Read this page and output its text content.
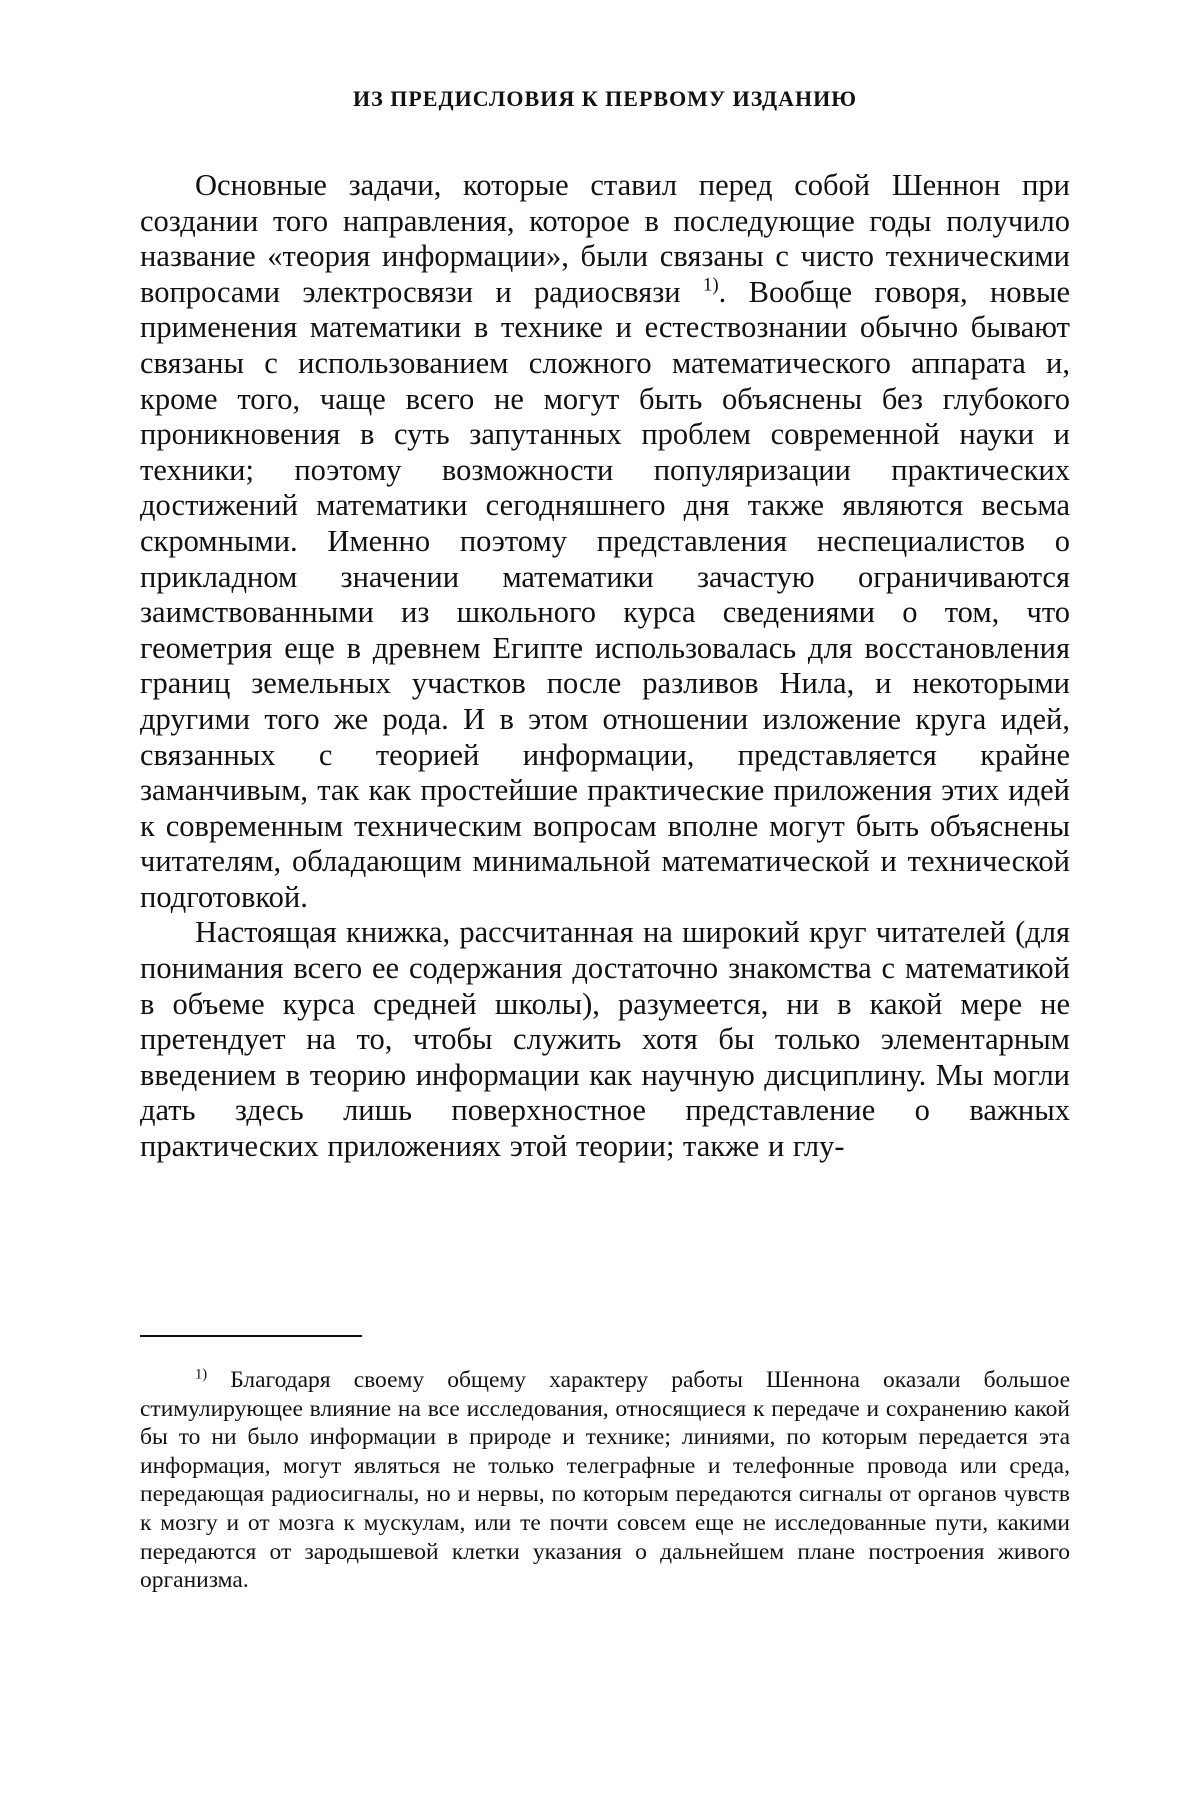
ИЗ ПРЕДИСЛОВИЯ К ПЕРВОМУ ИЗДАНИЮ

Основные задачи, которые ставил перед собой Шеннон при создании того направления, которое в последующие годы получило название «теория информации», были связаны с чисто техническими вопросами электросвязи и радиосвязи 1). Вообще говоря, новые применения математики в технике и естествознании обычно бывают связаны с использованием сложного математического аппарата и, кроме того, чаще всего не могут быть объяснены без глубокого проникновения в суть запутанных проблем современной науки и техники; поэтому возможности популяризации практических достижений математики сегодняшнего дня также являются весьма скромными. Именно поэтому представления неспециалистов о прикладном значении математики зачастую ограничиваются заимствованными из школьного курса сведениями о том, что геометрия еще в древнем Египте использовалась для восстановления границ земельных участков после разливов Нила, и некоторыми другими того же рода. И в этом отношении изложение круга идей, связанных с теорией информации, представляется крайне заманчивым, так как простейшие практические приложения этих идей к современным техническим вопросам вполне могут быть объяснены читателям, обладающим минимальной математической и технической подготовкой.

Настоящая книжка, рассчитанная на широкий круг читателей (для понимания всего ее содержания достаточно знакомства с математикой в объеме курса средней школы), разумеется, ни в какой мере не претендует на то, чтобы служить хотя бы только элементарным введением в теорию информации как научную дисциплину. Мы могли дать здесь лишь поверхностное представление о важных практических приложениях этой теории; также и глу-

1) Благодаря своему общему характеру работы Шеннона оказали большое стимулирующее влияние на все исследования, относящиеся к передаче и сохранению какой бы то ни было информации в природе и технике; линиями, по которым передается эта информация, могут являться не только телеграфные и телефонные провода или среда, передающая радиосигналы, но и нервы, по которым передаются сигналы от органов чувств к мозгу и от мозга к мускулам, или те почти совсем еще не исследованные пути, какими передаются от зародышевой клетки указания о дальнейшем плане построения живого организма.
